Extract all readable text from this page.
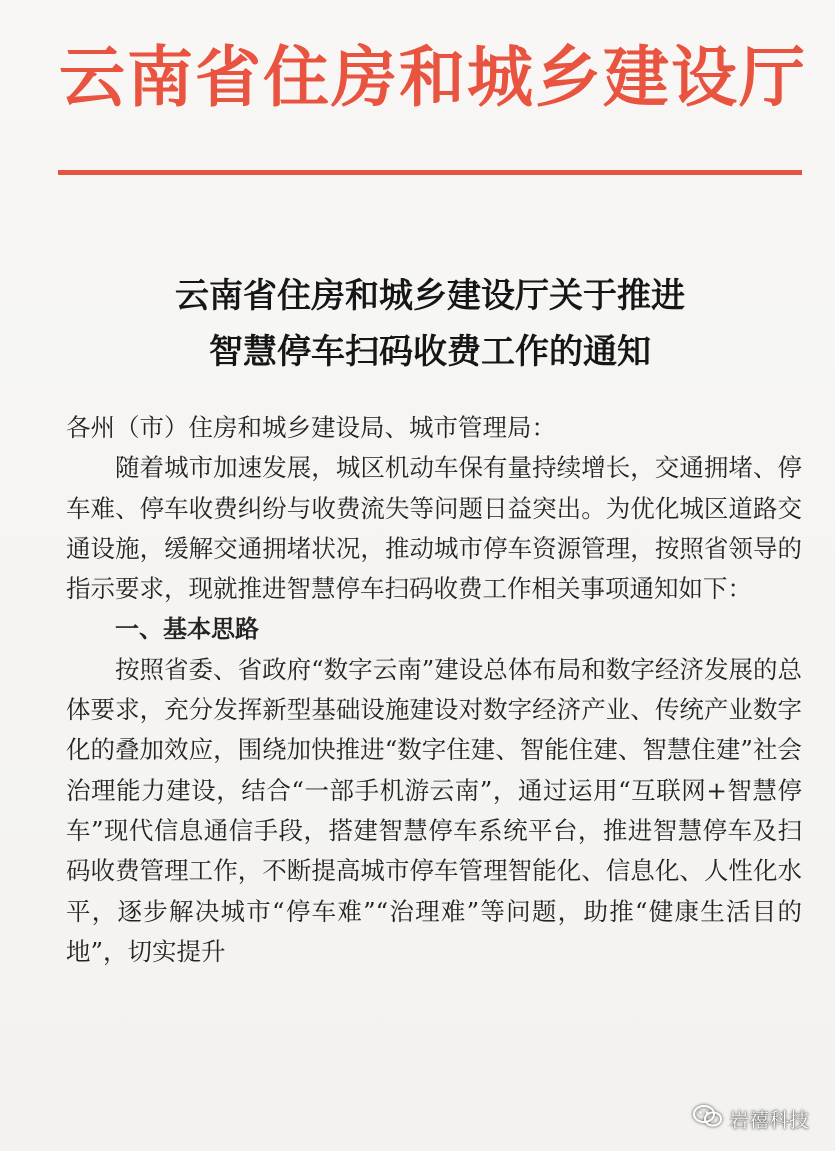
云南省住房和城乡建设厅
云南省住房和城乡建设厅关于推进
智慧停车扫码收费工作的通知

各州（市）住房和城乡建设局、城市管理局：

随着城市加速发展，城区机动车保有量持续增长，交通拥堵、停车难、停车收费纠纷与收费流失等问题日益突出。为优化城区道路交通设施，缓解交通拥堵状况，推动城市停车资源管理，按照省领导的指示要求，现就推进智慧停车扫码收费工作相关事项通知如下：

一、基本思路

按照省委、省政府“数字云南”建设总体布局和数字经济发展的总体要求，充分发挥新型基础设施建设对数字经济产业、传统产业数字化的叠加效应，围绕加快推进“数字住建、智能住建、智慧住建”社会治理能力建设，结合“一部手机游云南”，通过运用“互联网+智慧停车”现代信息通信手段，搭建智慧停车系统平台，推进智慧停车及扫码收费管理工作，不断提高城市停车管理智能化、信息化、人性化水平，逐步解决城市“停车难”“治理难”等问题，助推“健康生活目的地”，切实提升

岩禧科技
